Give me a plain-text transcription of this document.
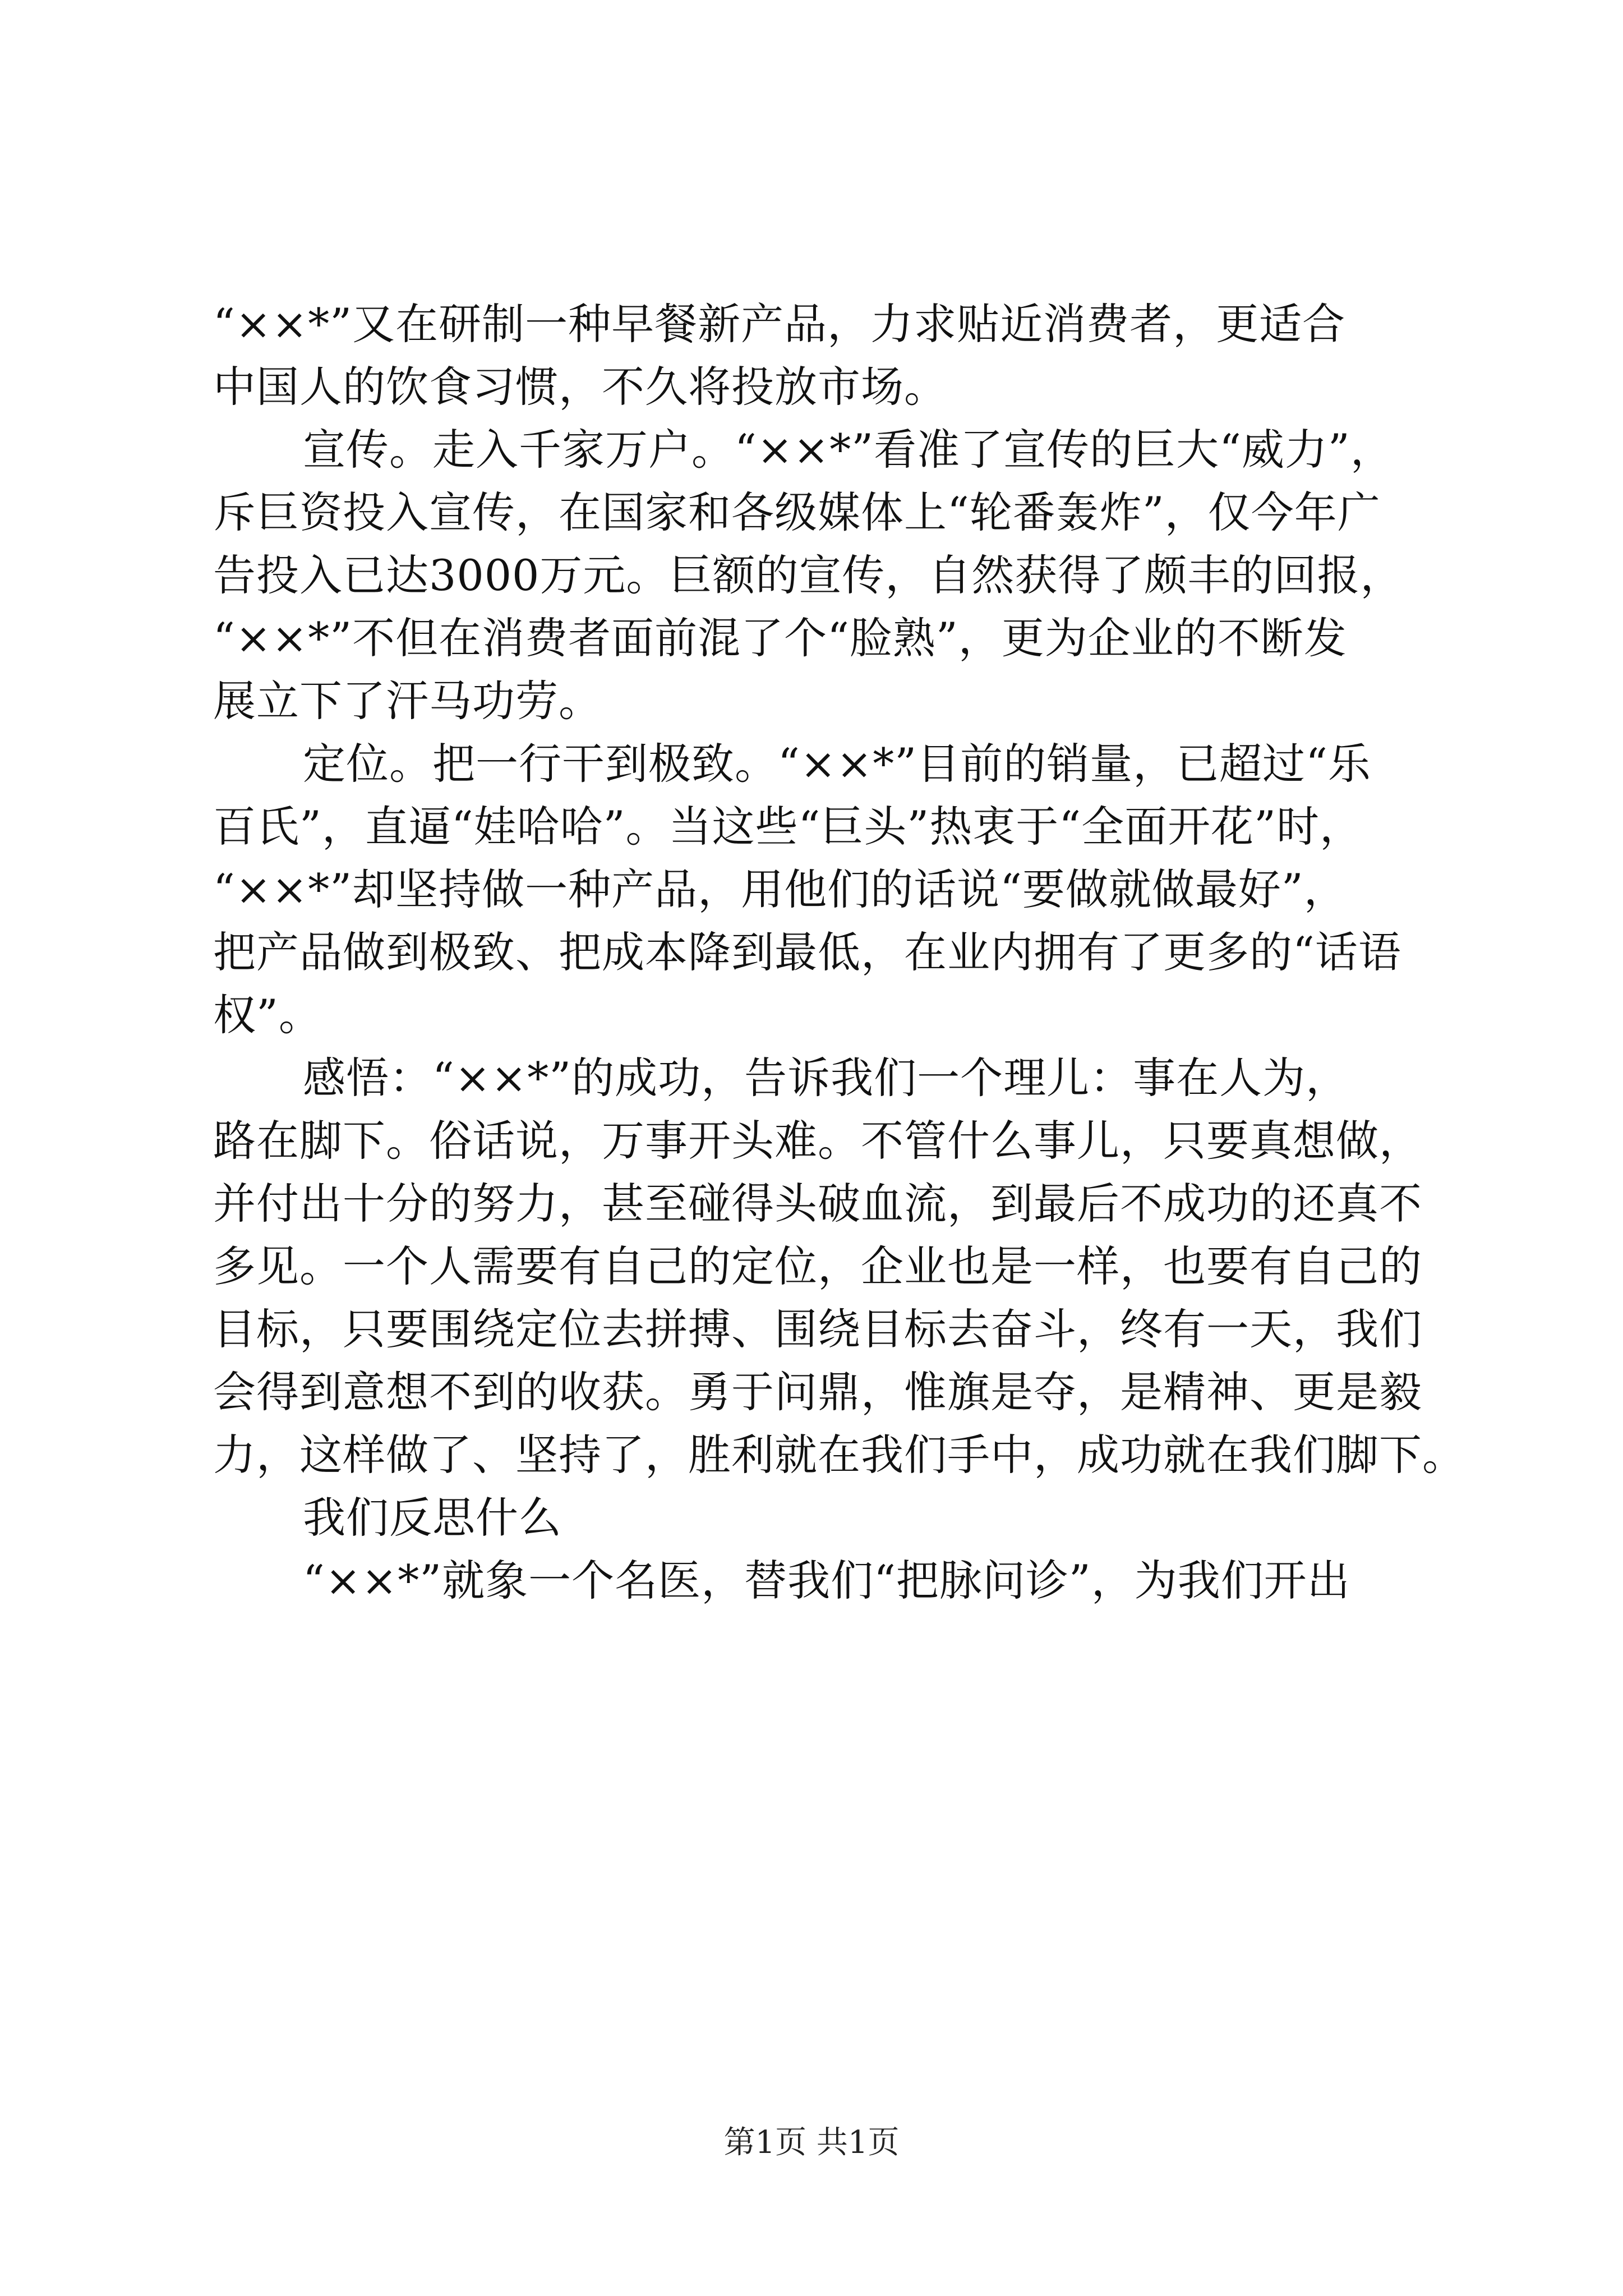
“××*”又在研制一种早餐新产品，力求贴近消费者，更适合
中国人的饮食习惯，不久将投放市场。
宣传。走入千家万户。“××*”看准了宣传的巨大“威力”，
斥巨资投入宣传，在国家和各级媒体上“轮番轰炸”，仅今年广
告投入已达3000万元。巨额的宣传，自然获得了颇丰的回报，
“××*”不但在消费者面前混了个“脸熟”，更为企业的不断发
展立下了汗马功劳。
定位。把一行干到极致。“××*”目前的销量，已超过“乐
百氏”，直逼“娃哈哈”。当这些“巨头”热衷于“全面开花”时，
“××*”却坚持做一种产品，用他们的话说“要做就做最好”，
把产品做到极致、把成本降到最低，在业内拥有了更多的“话语
权”。
感悟：“××*”的成功，告诉我们一个理儿：事在人为，
路在脚下。俗话说，万事开头难。不管什么事儿，只要真想做，
并付出十分的努力，甚至碰得头破血流，到最后不成功的还真不
多见。一个人需要有自己的定位，企业也是一样，也要有自己的
目标，只要围绕定位去拼搏、围绕目标去奋斗，终有一天，我们
会得到意想不到的收获。勇于问鼎，惟旗是夺，是精神、更是毅
力，这样做了、坚持了，胜利就在我们手中，成功就在我们脚下。
我们反思什么
“××*”就象一个名医，替我们“把脉问诊”，为我们开出
第1页 共1页
